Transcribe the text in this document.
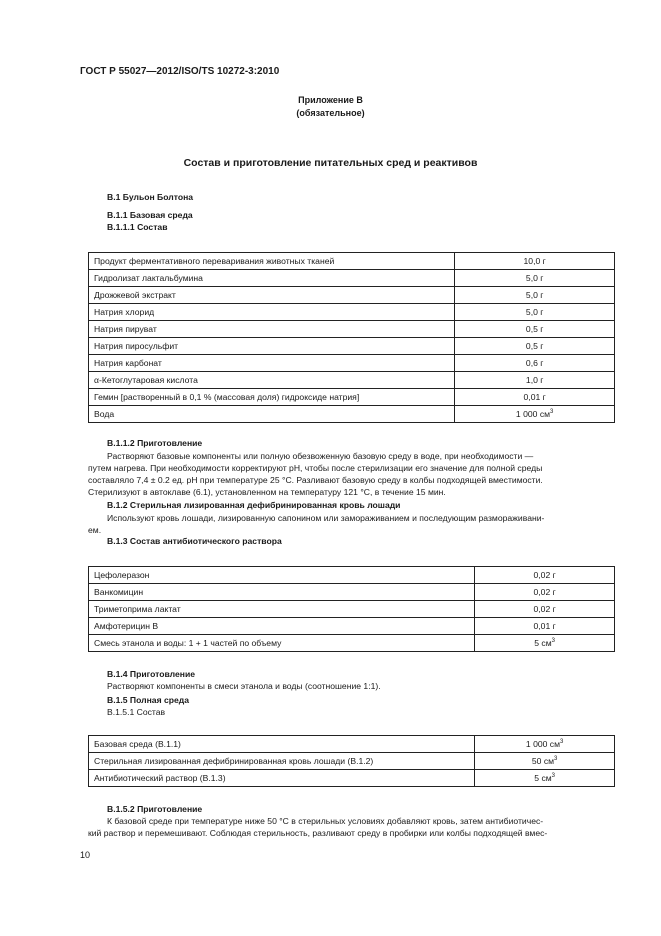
ГОСТ Р 55027—2012/ISO/TS 10272-3:2010
Приложение В
(обязательное)
Состав и приготовление питательных сред и реактивов
В.1 Бульон Болтона
В.1.1 Базовая среда
В.1.1.1 Состав
Продукт ферментативного переваривания животных тканей	10,0 г
Гидролизат лактальбумина	5,0 г
Дрожжевой экстракт	5,0 г
Натрия хлорид	5,0 г
Натрия пируват	0,5 г
Натрия пиросульфит	0,5 г
Натрия карбонат	0,6 г
α-Кетоглутаровая кислота	1,0 г
Гемин [растворенный в 0,1 % (массовая доля) гидроксиде натрия]	0,01 г
Вода	1 000 $см^3$
В.1.1.2 Приготовление
Растворяют базовые компоненты или полную обезвоженную базовую среду в воде, при необходимости —
путем нагрева. При необходимости корректируют pH, чтобы после стерилизации его значение для полной среды
составляло 7,4 ± 0.2 ед. pH при температуре 25 °С. Разливают базовую среду в колбы подходящей вместимости.
Стерилизуют в автоклаве (6.1), установленном на температуру 121 °С, в течение 15 мин.
В.1.2 Стерильная лизированная дефибринированная кровь лошади
Используют кровь лошади, лизированную сапонином или замораживанием и последующим размораживани-
ем.
В.1.3 Состав антибиотического раствора
Цефолеразон	0,02 г
Ванкомицин	0,02 г
Триметоприма лактат	0,02 г
Амфотерицин В	0,01 г
Смесь этанола и воды: 1 + 1 частей по объему	5 $см^3$
В.1.4 Приготовление
Растворяют компоненты в смеси этанола и воды (соотношение 1:1).
В.1.5 Полная среда
В.1.5.1 Состав
Базовая среда (В.1.1)	1 000 $см^3$
Стерильная лизированная дефибринированная кровь лошади (В.1.2)	50 $см^3$
Антибиотический раствор (В.1.3)	5 $см^3$
В.1.5.2 Приготовление
К базовой среде при температуре ниже 50 °С в стерильных условиях добавляют кровь, затем антибиотичес-
кий раствор и перемешивают. Соблюдая стерильность, разливают среду в пробирки или колбы подходящей вмес-
10
